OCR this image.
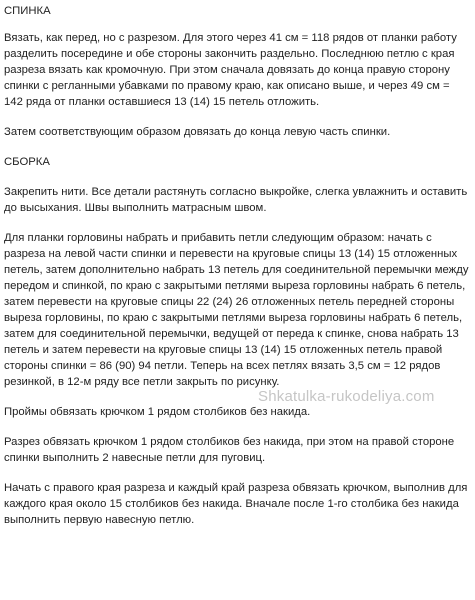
СПИНКА

Вязать, как перед, но с разрезом. Для этого через 41 см = 118 рядов от планки работу разделить посередине и обе стороны закончить раздельно. Последнюю петлю с края разреза вязать как кромочную. При этом сначала довязать до конца правую сторону спинки с регланными убавками по правому краю, как описано выше, и через 49 см = 142 ряда от планки оставшиеся 13 (14) 15 петель отложить.

Затем соответствующим образом довязать до конца левую часть спинки.

СБОРКА

Закрепить нити. Все детали растянуть согласно выкройке, слегка увлажнить и оставить до высыхания. Швы выполнить матрасным швом.

Для планки горловины набрать и прибавить петли следующим образом: начать с разреза на левой части спинки и перевести на круговые спицы 13 (14) 15 отложенных петель, затем дополнительно набрать 13 петель для соединительной перемычки между передом и спинкой, по краю с закрытыми петлями выреза горловины набрать 6 петель, затем перевести на круговые спицы 22 (24) 26 отложенных петель передней стороны выреза горловины, по краю с закрытыми петлями выреза горловины набрать 6 петель, затем для соединительной перемычки, ведущей от переда к спинке, снова набрать 13 петель и затем перевести на круговые спицы 13 (14) 15 отложенных петель правой стороны спинки = 86 (90) 94 петли. Теперь на всех петлях вязать 3,5 см = 12 рядов резинкой, в 12-м ряду все петли закрыть по рисунку.

Проймы обвязать крючком 1 рядом столбиков без накида.

Разрез обвязать крючком 1 рядом столбиков без накида, при этом на правой стороне спинки выполнить 2 навесные петли для пуговиц.

Начать с правого края разреза и каждый край разреза обвязать крючком, выполнив для каждого края около 15 столбиков без накида. Вначале после 1-го столбика без накида выполнить первую навесную петлю.

Shkatulka-rukodeliya.com
